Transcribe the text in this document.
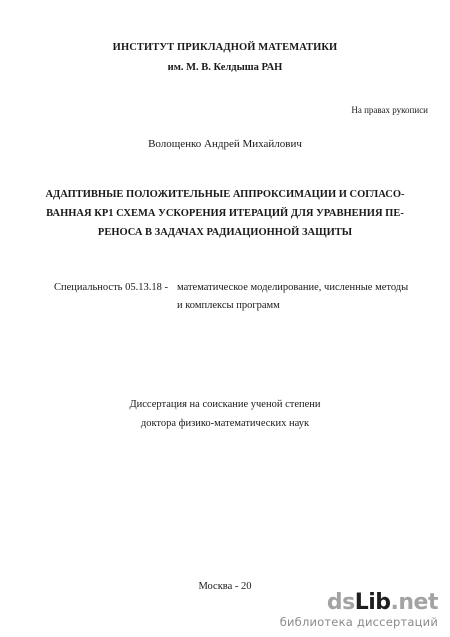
ИНСТИТУТ ПРИКЛАДНОЙ МАТЕМАТИКИ
им. М. В. Келдыша РАН
На правах рукописи
Волощенко Андрей Михайлович
АДАПТИВНЫЕ ПОЛОЖИТЕЛЬНЫЕ АППРОКСИМАЦИИ И СОГЛАСО-
ВАННАЯ КР1 СХЕМА УСКОРЕНИЯ ИТЕРАЦИЙ ДЛЯ УРАВНЕНИЯ ПЕ-
РЕНОСА В ЗАДАЧАХ РАДИАЦИОННОЙ ЗАЩИТЫ
Специальность 05.13.18 - математическое моделирование, численные методы
и комплексы программ
Диссертация на соискание ученой степени
доктора физико-математических наук
Москва - 20
dsLib.net
библиотека диссертаций
